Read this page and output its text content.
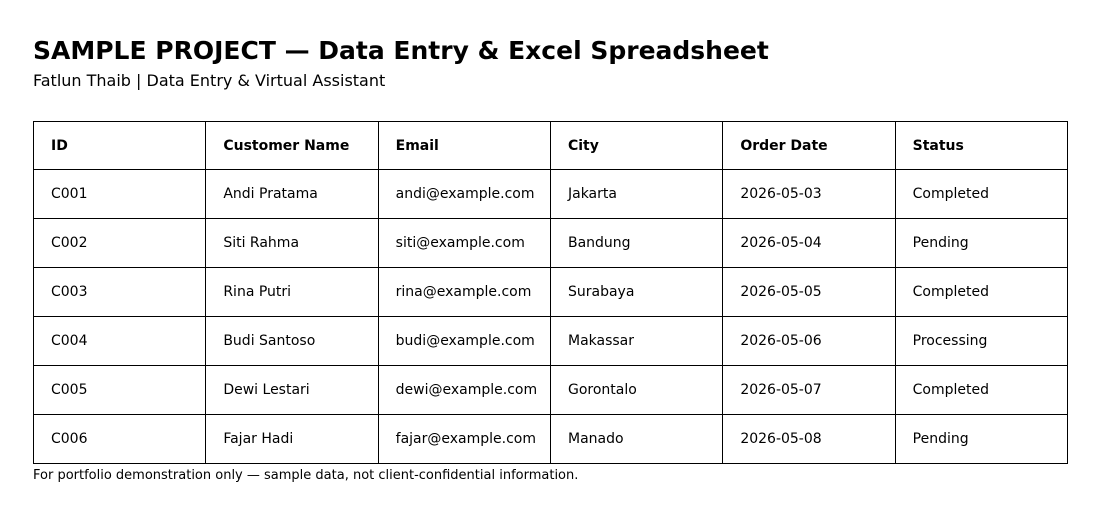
SAMPLE PROJECT — Data Entry & Excel Spreadsheet
Fatlun Thaib | Data Entry & Virtual Assistant
ID	Customer Name	Email	City	Order Date	Status
C001	Andi Pratama	andi@example.com	Jakarta	2026-05-03	Completed
C002	Siti Rahma	siti@example.com	Bandung	2026-05-04	Pending
C003	Rina Putri	rina@example.com	Surabaya	2026-05-05	Completed
C004	Budi Santoso	budi@example.com	Makassar	2026-05-06	Processing
C005	Dewi Lestari	dewi@example.com	Gorontalo	2026-05-07	Completed
C006	Fajar Hadi	fajar@example.com	Manado	2026-05-08	Pending
For portfolio demonstration only — sample data, not client-confidential information.
